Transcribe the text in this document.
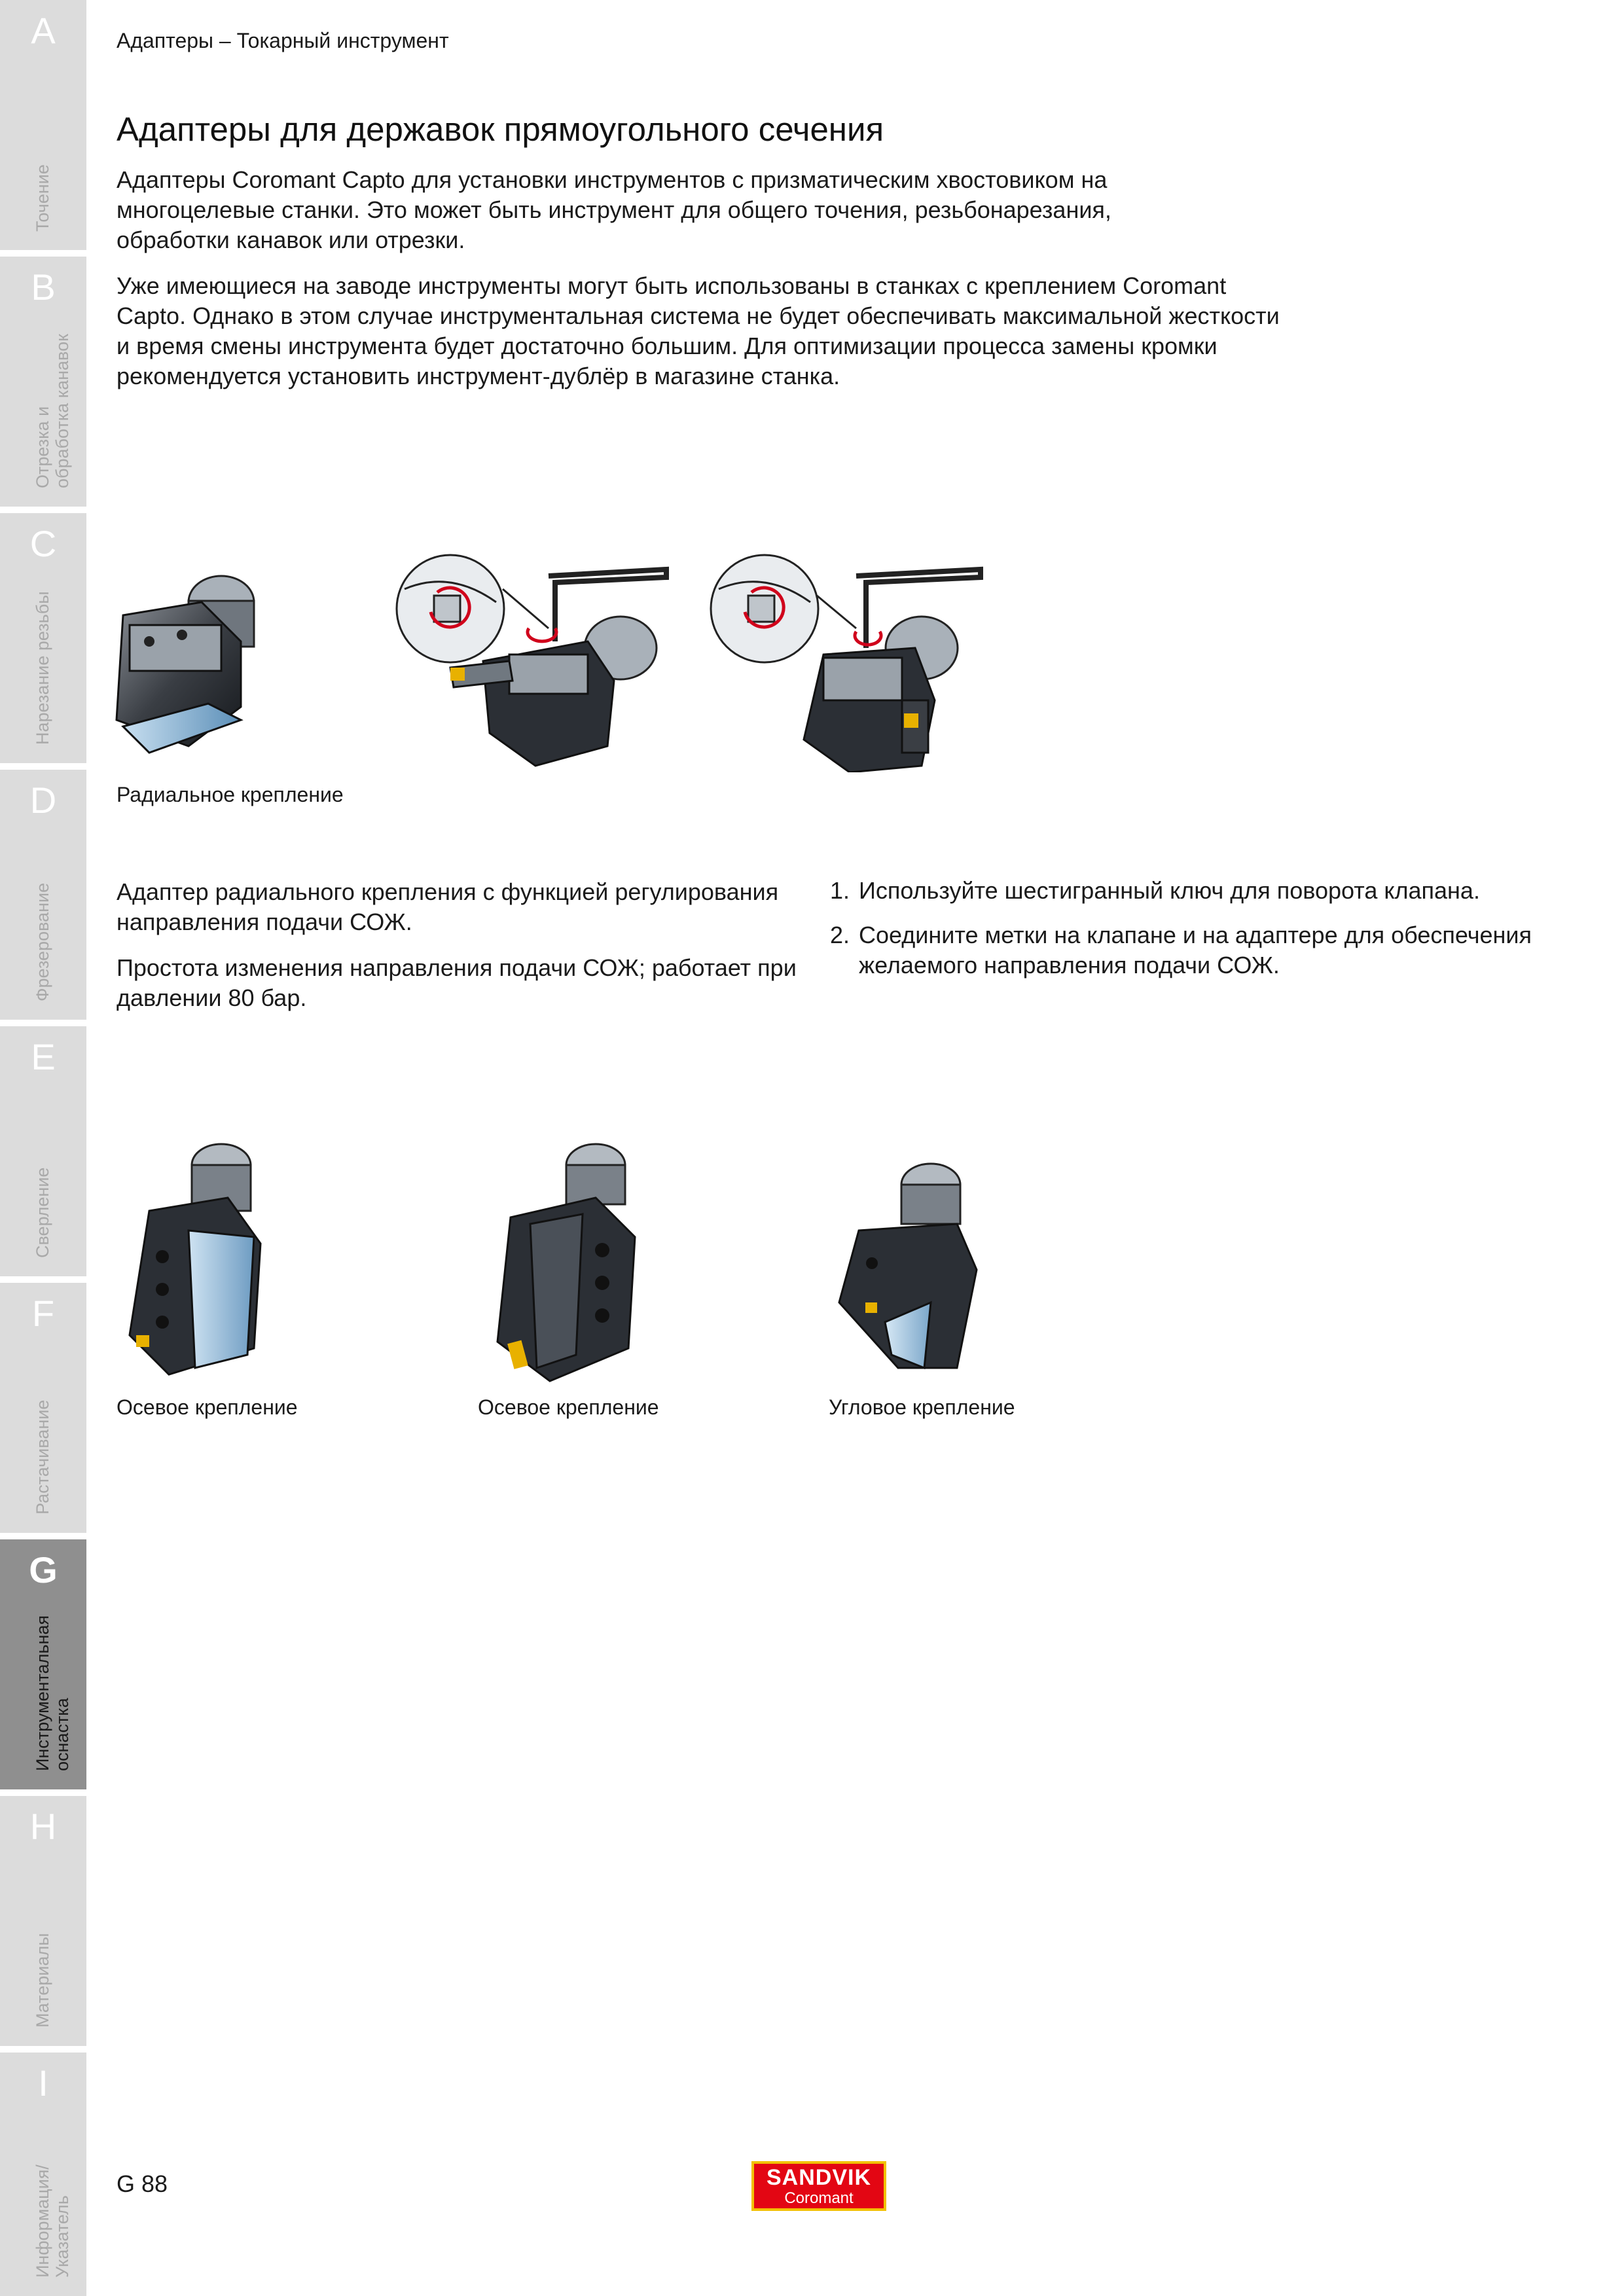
A
Точение
B
Отрезка и
обработка канавок
C
Нарезание резьбы
D
Фрезерование
E
Сверление
F
Растачивание
G
Инструментальная
оснастка
H
Материалы
I
Информация/
Указатель
Адаптеры – Токарный инструмент
Адаптеры для державок прямоугольного сечения

Адаптеры Coromant Capto для установки инструментов с призматическим хвостовиком на многоцелевые станки. Это может быть инструмент для общего точения, резьбонарезания, обработки канавок или отрезки.

Уже имеющиеся на заводе инструменты могут быть использованы в станках с креплением Coromant Capto. Однако в этом случае инструментальная система не будет обеспечивать максимальной жесткости и время смены инструмента будет достаточно большим. Для оптимизации процесса замены кромки рекомендуется установить инструмент-дублёр в магазине станка.

Радиальное крепление

Адаптер радиального крепления с функцией регулирования направления подачи СОЖ.

Простота изменения направления подачи СОЖ; работает при давлении 80 бар.

1. Используйте шестигранный ключ для поворота клапана.
2. Соедините метки на клапане и на адаптере для обеспечения желаемого направления подачи СОЖ.
Осевое крепление	Осевое крепление	Угловое крепление
G 88	SANDVIK
Coromant
